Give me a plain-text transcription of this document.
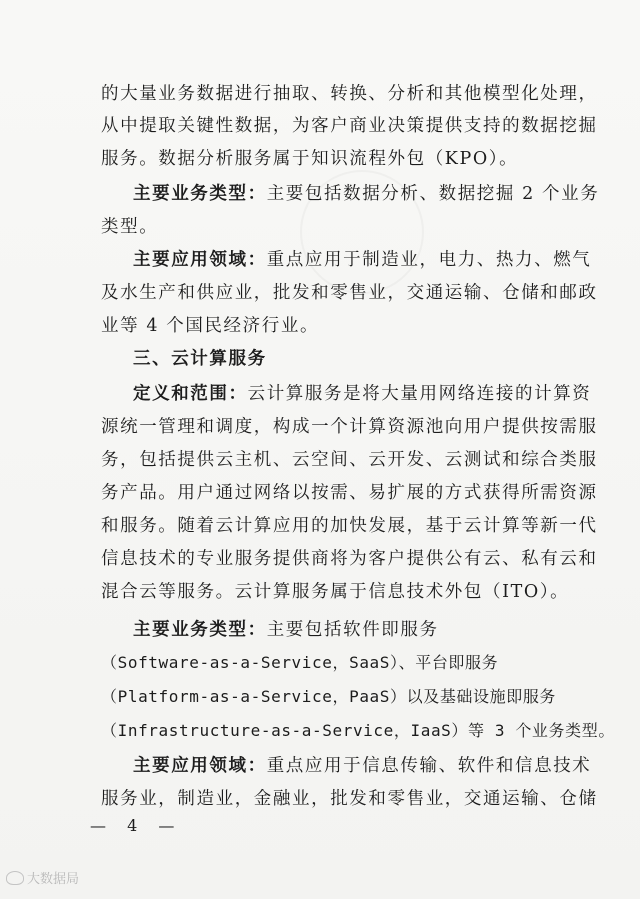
的大量业务数据进行抽取、转换、分析和其他模型化处理，
从中提取关键性数据，为客户商业决策提供支持的数据挖掘
服务。数据分析服务属于知识流程外包（KPO）。
主要业务类型：主要包括数据分析、数据挖掘 2 个业务
类型。
主要应用领域：重点应用于制造业，电力、热力、燃气
及水生产和供应业，批发和零售业，交通运输、仓储和邮政
业等 4 个国民经济行业。
三、云计算服务
定义和范围：云计算服务是将大量用网络连接的计算资
源统一管理和调度，构成一个计算资源池向用户提供按需服
务，包括提供云主机、云空间、云开发、云测试和综合类服
务产品。用户通过网络以按需、易扩展的方式获得所需资源
和服务。随着云计算应用的加快发展，基于云计算等新一代
信息技术的专业服务提供商将为客户提供公有云、私有云和
混合云等服务。云计算服务属于信息技术外包（ITO）。
主要业务类型：主要包括软件即服务
（Software-as-a-Service，SaaS）、平台即服务
（Platform-as-a-Service，PaaS）以及基础设施即服务
（Infrastructure-as-a-Service，IaaS）等 3 个业务类型。
主要应用领域：重点应用于信息传输、软件和信息技术
服务业，制造业，金融业，批发和零售业，交通运输、仓储
— 4 —
大数据局
